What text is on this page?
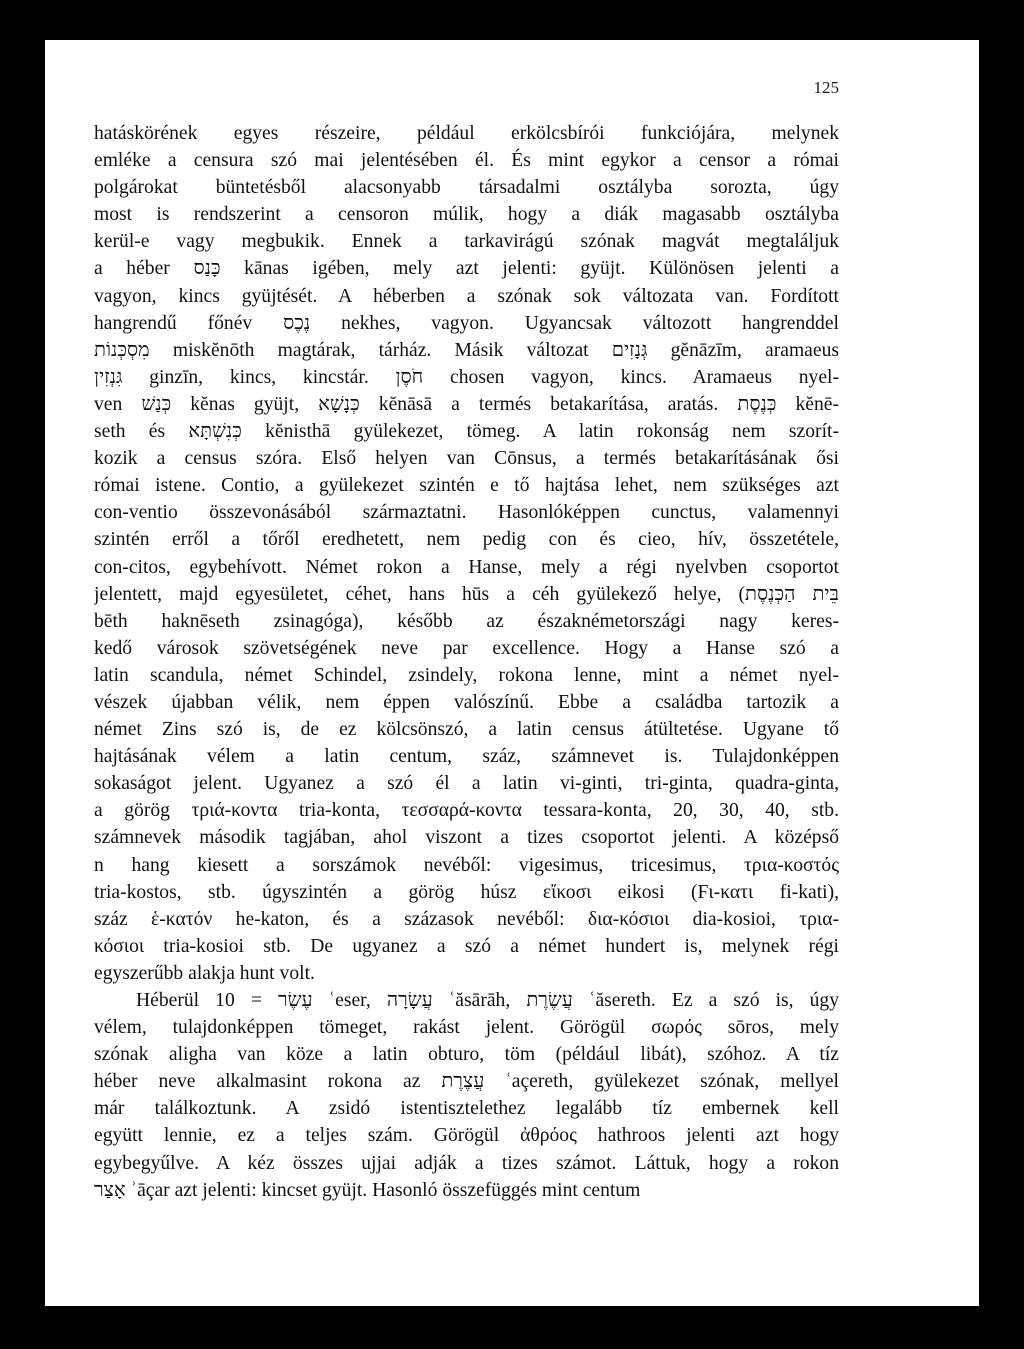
125
hatáskörének egyes részeire, például erkölcsbírói funkciójára, melynek
emléke a censura szó mai jelentésében él. És mint egykor a censor a római
polgárokat büntetésből alacsonyabb társadalmi osztályba sorozta, úgy
most is rendszerint a censoron múlik, hogy a diák magasabb osztályba
kerül-e vagy megbukik. Ennek a tarkavirágú szónak magvát megtaláljuk
a héber כָּנַס kānas igében, mely azt jelenti: gyüjt. Különösen jelenti a
vagyon, kincs gyüjtését. A héberben a szónak sok változata van. Fordított
hangrendű főnév נֶכֶס nekhes, vagyon. Ugyancsak változott hangrenddel
מִסְכְּנוֹת miskĕnōth magtárak, tárház. Másik változat גְּנָזִים gĕnāzīm, aramaeus
גִּנְזִין ginzīn, kincs, kincstár. חֹסֶן chosen vagyon, kincs. Aramaeus nyel-
ven כְּנַשׁ kĕnas gyüjt, כְּנָשָׁא kĕnāsā a termés betakarítása, aratás. כְּנֶסֶת kĕnē-
seth és כְּנִשְׁתָּא kĕnisthā gyülekezet, tömeg. A latin rokonság nem szorít-
kozik a census szóra. Első helyen van Cōnsus, a termés betakarításának ősi
római istene. Contio, a gyülekezet szintén e tő hajtása lehet, nem szükséges azt
con-ventio összevonásából származtatni. Hasonlóképpen cunctus, valamennyi
szintén erről a tőről eredhetett, nem pedig con és cieo, hív, összetétele,
con-citos, egybehívott. Német rokon a Hanse, mely a régi nyelvben csoportot
jelentett, majd egyesületet, céhet, hans hūs a céh gyülekező helye, (בֵּית הַכְּנֶסֶת
bēth haknēseth zsinagóga), később az északnémetországi nagy keres-
kedő városok szövetségének neve par excellence. Hogy a Hanse szó a
latin scandula, német Schindel, zsindely, rokona lenne, mint a német nyel-
vészek újabban vélik, nem éppen valószínű. Ebbe a családba tartozik a
német Zins szó is, de ez kölcsönszó, a latin census átültetése. Ugyane tő
hajtásának vélem a latin centum, száz, számnevet is. Tulajdonképpen
sokaságot jelent. Ugyanez a szó él a latin vi-ginti, tri-ginta, quadra-ginta,
a görög τριά-κοντα tria-konta, τεσσαρά-κοντα tessara-konta, 20, 30, 40, stb.
számnevek második tagjában, ahol viszont a tizes csoportot jelenti. A középső
n hang kiesett a sorszámok nevéből: vigesimus, tricesimus, τρια-κοστός
tria-kostos, stb. úgyszintén a görög húsz εἴκοσι eikosi (Ϝι-κατι fi-kati),
száz ἑ-κατόν he-katon, és a százasok nevéből: δια-κόσιοι dia-kosioi, τρια-
κόσιοι tria-kosioi stb. De ugyanez a szó a német hundert is, melynek régi
egyszerűbb alakja hunt volt.
Héberül 10 = עֶשֶׂר ʿeser, עֲשָׂרָה ʿăsārāh, עֲשֶׂרֶת ʿăsereth. Ez a szó is, úgy
vélem, tulajdonképpen tömeget, rakást jelent. Görögül σωρός sōros, mely
szónak aligha van köze a latin obturo, töm (például libát), szóhoz. A tíz
héber neve alkalmasint rokona az עֲצֶרֶת ʿaçereth, gyülekezet szónak, mellyel
már találkoztunk. A zsidó istentisztelethez legalább tíz embernek kell
együtt lennie, ez a teljes szám. Görögül ἀθρόος hathroos jelenti azt hogy
egybegyűlve. A kéz összes ujjai adják a tizes számot. Láttuk, hogy a rokon
אָצַר ʾāçar azt jelenti: kincset gyüjt. Hasonló összefüggés mint centum
